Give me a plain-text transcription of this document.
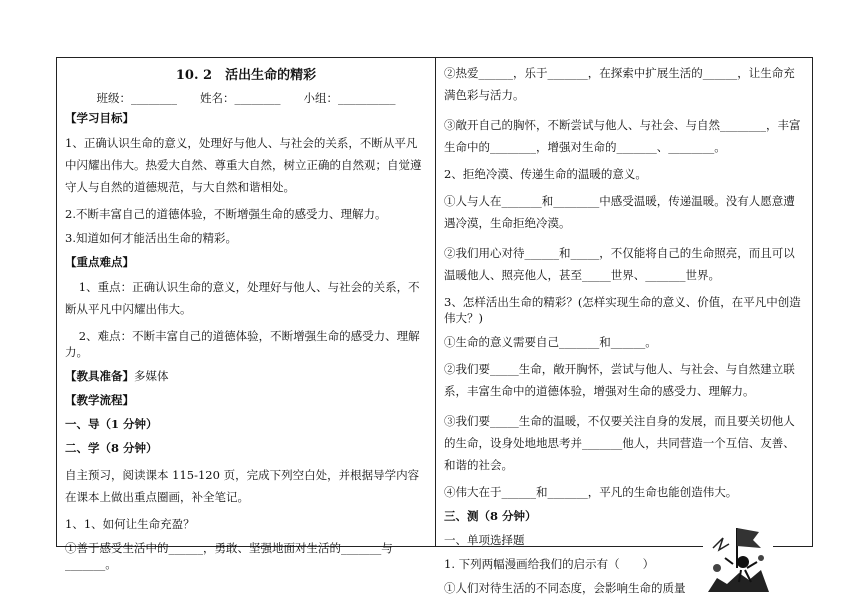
10. 2　活出生命的精彩
班级：________　　姓名：________　　小组：__________

【学习目标】

1、正确认识生命的意义，处理好与他人、与社会的关系，不断从平凡中闪耀出伟大。热爱大自然、尊重大自然，树立正确的自然观；自觉遵守人与自然的道德规范，与大自然和谐相处。

2.不断丰富自己的道德体验，不断增强生命的感受力、理解力。

3.知道如何才能活出生命的精彩。

【重点难点】

1、重点：正确认识生命的意义，处理好与他人、与社会的关系，不断从平凡中闪耀出伟大。

2、难点：不断丰富自己的道德体验，不断增强生命的感受力、理解力。

【教具准备】多媒体

【教学流程】

一、导（1 分钟）

二、学（8 分钟）

自主预习，阅读课本 115-120 页，完成下列空白处，并根据导学内容在课本上做出重点圈画，补全笔记。

1、1、如何让生命充盈？

①善于感受生活中的______，勇敢、坚强地面对生活的_______与_______。

②热爱______，乐于_______，在探索中扩展生活的______，让生命充满色彩与活力。

③敞开自己的胸怀，不断尝试与他人、与社会、与自然________，丰富生命中的________，增强对生命的_______、________。

2、拒绝冷漠、传递生命的温暖的意义。

①人与人在_______和________中感受温暖，传递温暖。没有人愿意遭遇冷漠，生命拒绝冷漠。

②我们用心对待______和_____，不仅能将自己的生命照亮，而且可以温暖他人、照亮他人，甚至_____世界、_______世界。

3、怎样活出生命的精彩？(怎样实现生命的意义、价值，在平凡中创造伟大？)

①生命的意义需要自己_______和______。

②我们要_____生命，敞开胸怀，尝试与他人、与社会、与自然建立联系，丰富生命中的道德体验，增强对生命的感受力、理解力。

③我们要_____生命的温暖，不仅要关注自身的发展，而且要关切他人的生命，设身处地地思考并_______他人，共同营造一个互信、友善、和谐的社会。

④伟大在于______和_______，平凡的生命也能创造伟大。

三、测（8 分钟）

一、单项选择题

1. 下列两幅漫画给我们的启示有（　　）

①人们对待生活的不同态度，会影响生命的质量
